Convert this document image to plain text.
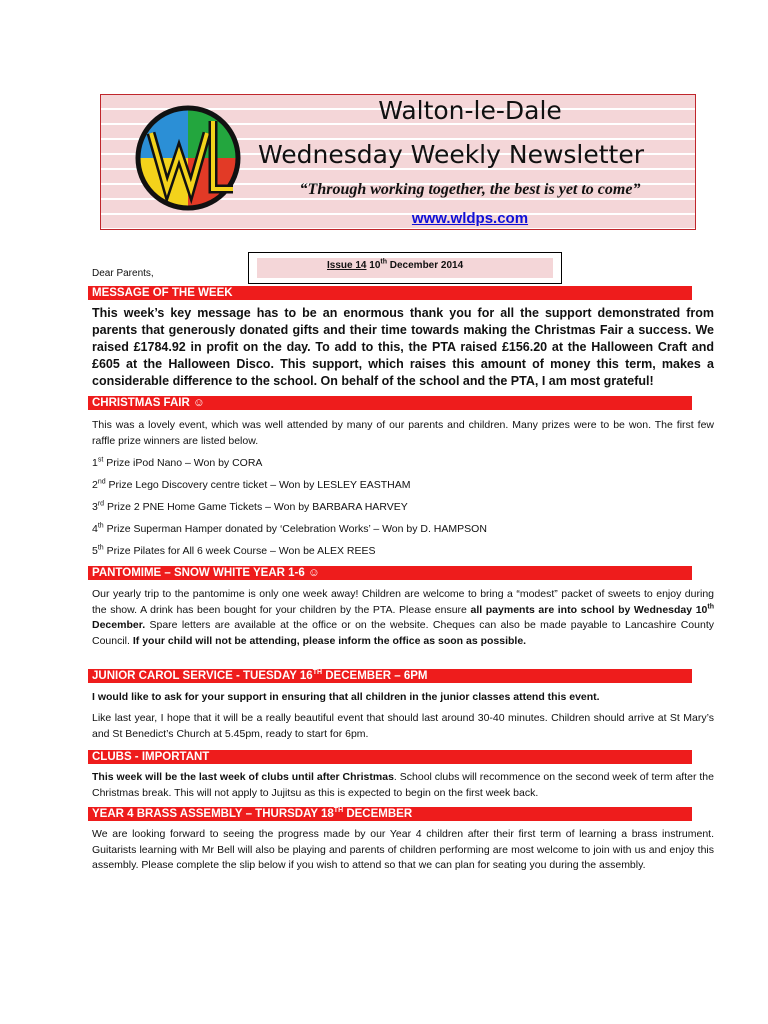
Walton-le-Dale
Wednesday Weekly Newsletter
“Through working together, the best is yet to come”
www.wldps.com
Issue 14 10th December 2014
Dear Parents,
MESSAGE OF THE WEEK

This week’s key message has to be an enormous thank you for all the support demonstrated from parents that generously donated gifts and their time towards making the Christmas Fair a success. We raised £1784.92 in profit on the day. To add to this, the PTA raised £156.20 at the Halloween Craft and £605 at the Halloween Disco. This support, which raises this amount of money this term, makes a considerable difference to the school. On behalf of the school and the PTA, I am most grateful!

CHRISTMAS FAIR ☺

This was a lovely event, which was well attended by many of our parents and children. Many prizes were to be won. The first few raffle prize winners are listed below.

1st Prize iPod Nano – Won by CORA

2nd Prize Lego Discovery centre ticket – Won by LESLEY EASTHAM

3rd Prize 2 PNE Home Game Tickets – Won by BARBARA HARVEY

4th Prize Superman Hamper donated by ‘Celebration Works’ – Won by D. HAMPSON

5th Prize Pilates for All 6 week Course – Won be ALEX REES

PANTOMIME – SNOW WHITE YEAR 1-6 ☺

Our yearly trip to the pantomime is only one week away! Children are welcome to bring a “modest” packet of sweets to enjoy during the show. A drink has been bought for your children by the PTA. Please ensure all payments are into school by Wednesday 10th December. Spare letters are available at the office or on the website. Cheques can also be made payable to Lancashire County Council. If your child will not be attending, please inform the office as soon as possible.

JUNIOR CAROL SERVICE - TUESDAY 16TH DECEMBER – 6PM

I would like to ask for your support in ensuring that all children in the junior classes attend this event.

Like last year, I hope that it will be a really beautiful event that should last around 30-40 minutes. Children should arrive at St Mary’s and St Benedict’s Church at 5.45pm, ready to start for 6pm.

CLUBS - IMPORTANT

This week will be the last week of clubs until after Christmas. School clubs will recommence on the second week of term after the Christmas break. This will not apply to Jujitsu as this is expected to begin on the first week back.

YEAR 4 BRASS ASSEMBLY – THURSDAY 18TH DECEMBER

We are looking forward to seeing the progress made by our Year 4 children after their first term of learning a brass instrument. Guitarists learning with Mr Bell will also be playing and parents of children performing are most welcome to join with us and enjoy this assembly. Please complete the slip below if you wish to attend so that we can plan for seating you during the assembly.
